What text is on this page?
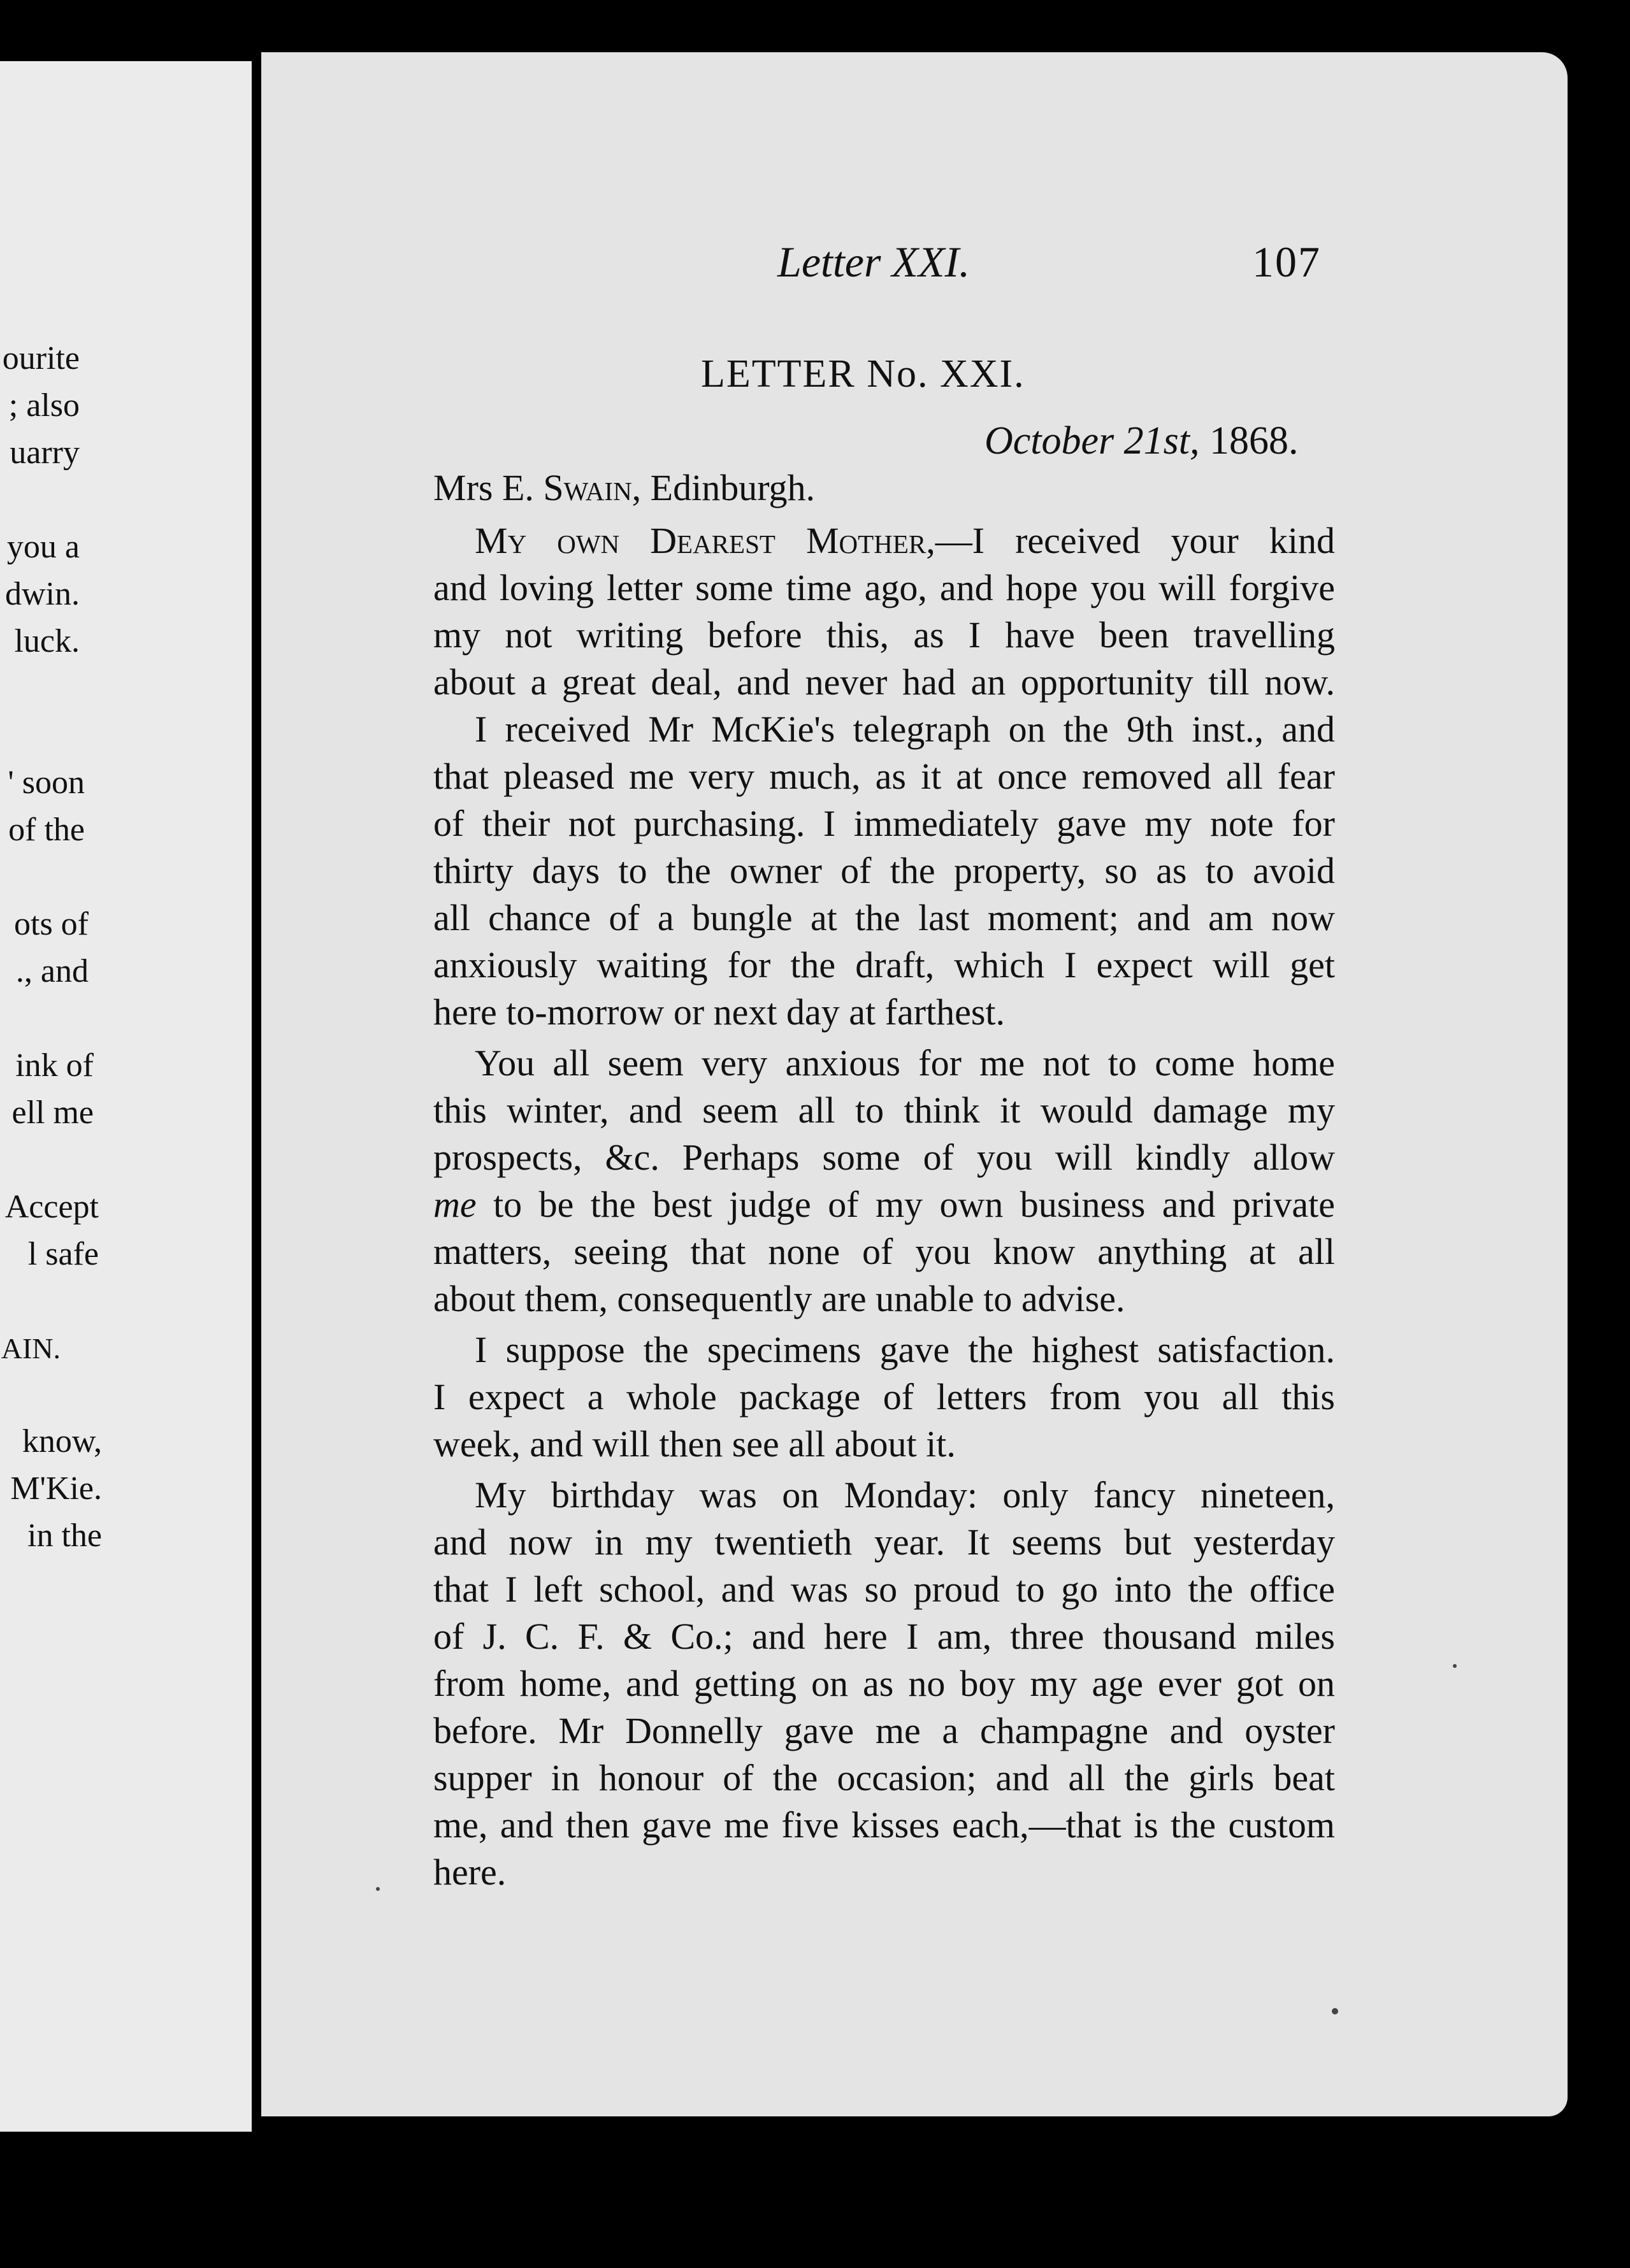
ourite
; also
uarry
you a
dwin.
luck.
' soon
of the
ots of
., and
ink of
ell me
Accept
l safe
AIN.
know,
M'Kie.
in the
Letter XXI.	107
LETTER No. XXI.
October 21st, 1868.
Mrs E. Swain, Edinburgh.
My own Dearest Mother,—I received your kind
and loving letter some time ago, and hope you will forgive
my not writing before this, as I have been travelling
about a great deal, and never had an opportunity till now.
I received Mr McKie's telegraph on the 9th inst., and
that pleased me very much, as it at once removed all fear
of their not purchasing. I immediately gave my note for
thirty days to the owner of the property, so as to avoid
all chance of a bungle at the last moment; and am now
anxiously waiting for the draft, which I expect will get
here to-morrow or next day at farthest.
You all seem very anxious for me not to come home
this winter, and seem all to think it would damage my
prospects, &c. Perhaps some of you will kindly allow
me to be the best judge of my own business and private
matters, seeing that none of you know anything at all
about them, consequently are unable to advise.
I suppose the specimens gave the highest satisfaction.
I expect a whole package of letters from you all this
week, and will then see all about it.
My birthday was on Monday: only fancy nineteen,
and now in my twentieth year. It seems but yesterday
that I left school, and was so proud to go into the office
of J. C. F. & Co.; and here I am, three thousand miles
from home, and getting on as no boy my age ever got on
before. Mr Donnelly gave me a champagne and oyster
supper in honour of the occasion; and all the girls beat
me, and then gave me five kisses each,—that is the custom
here.
